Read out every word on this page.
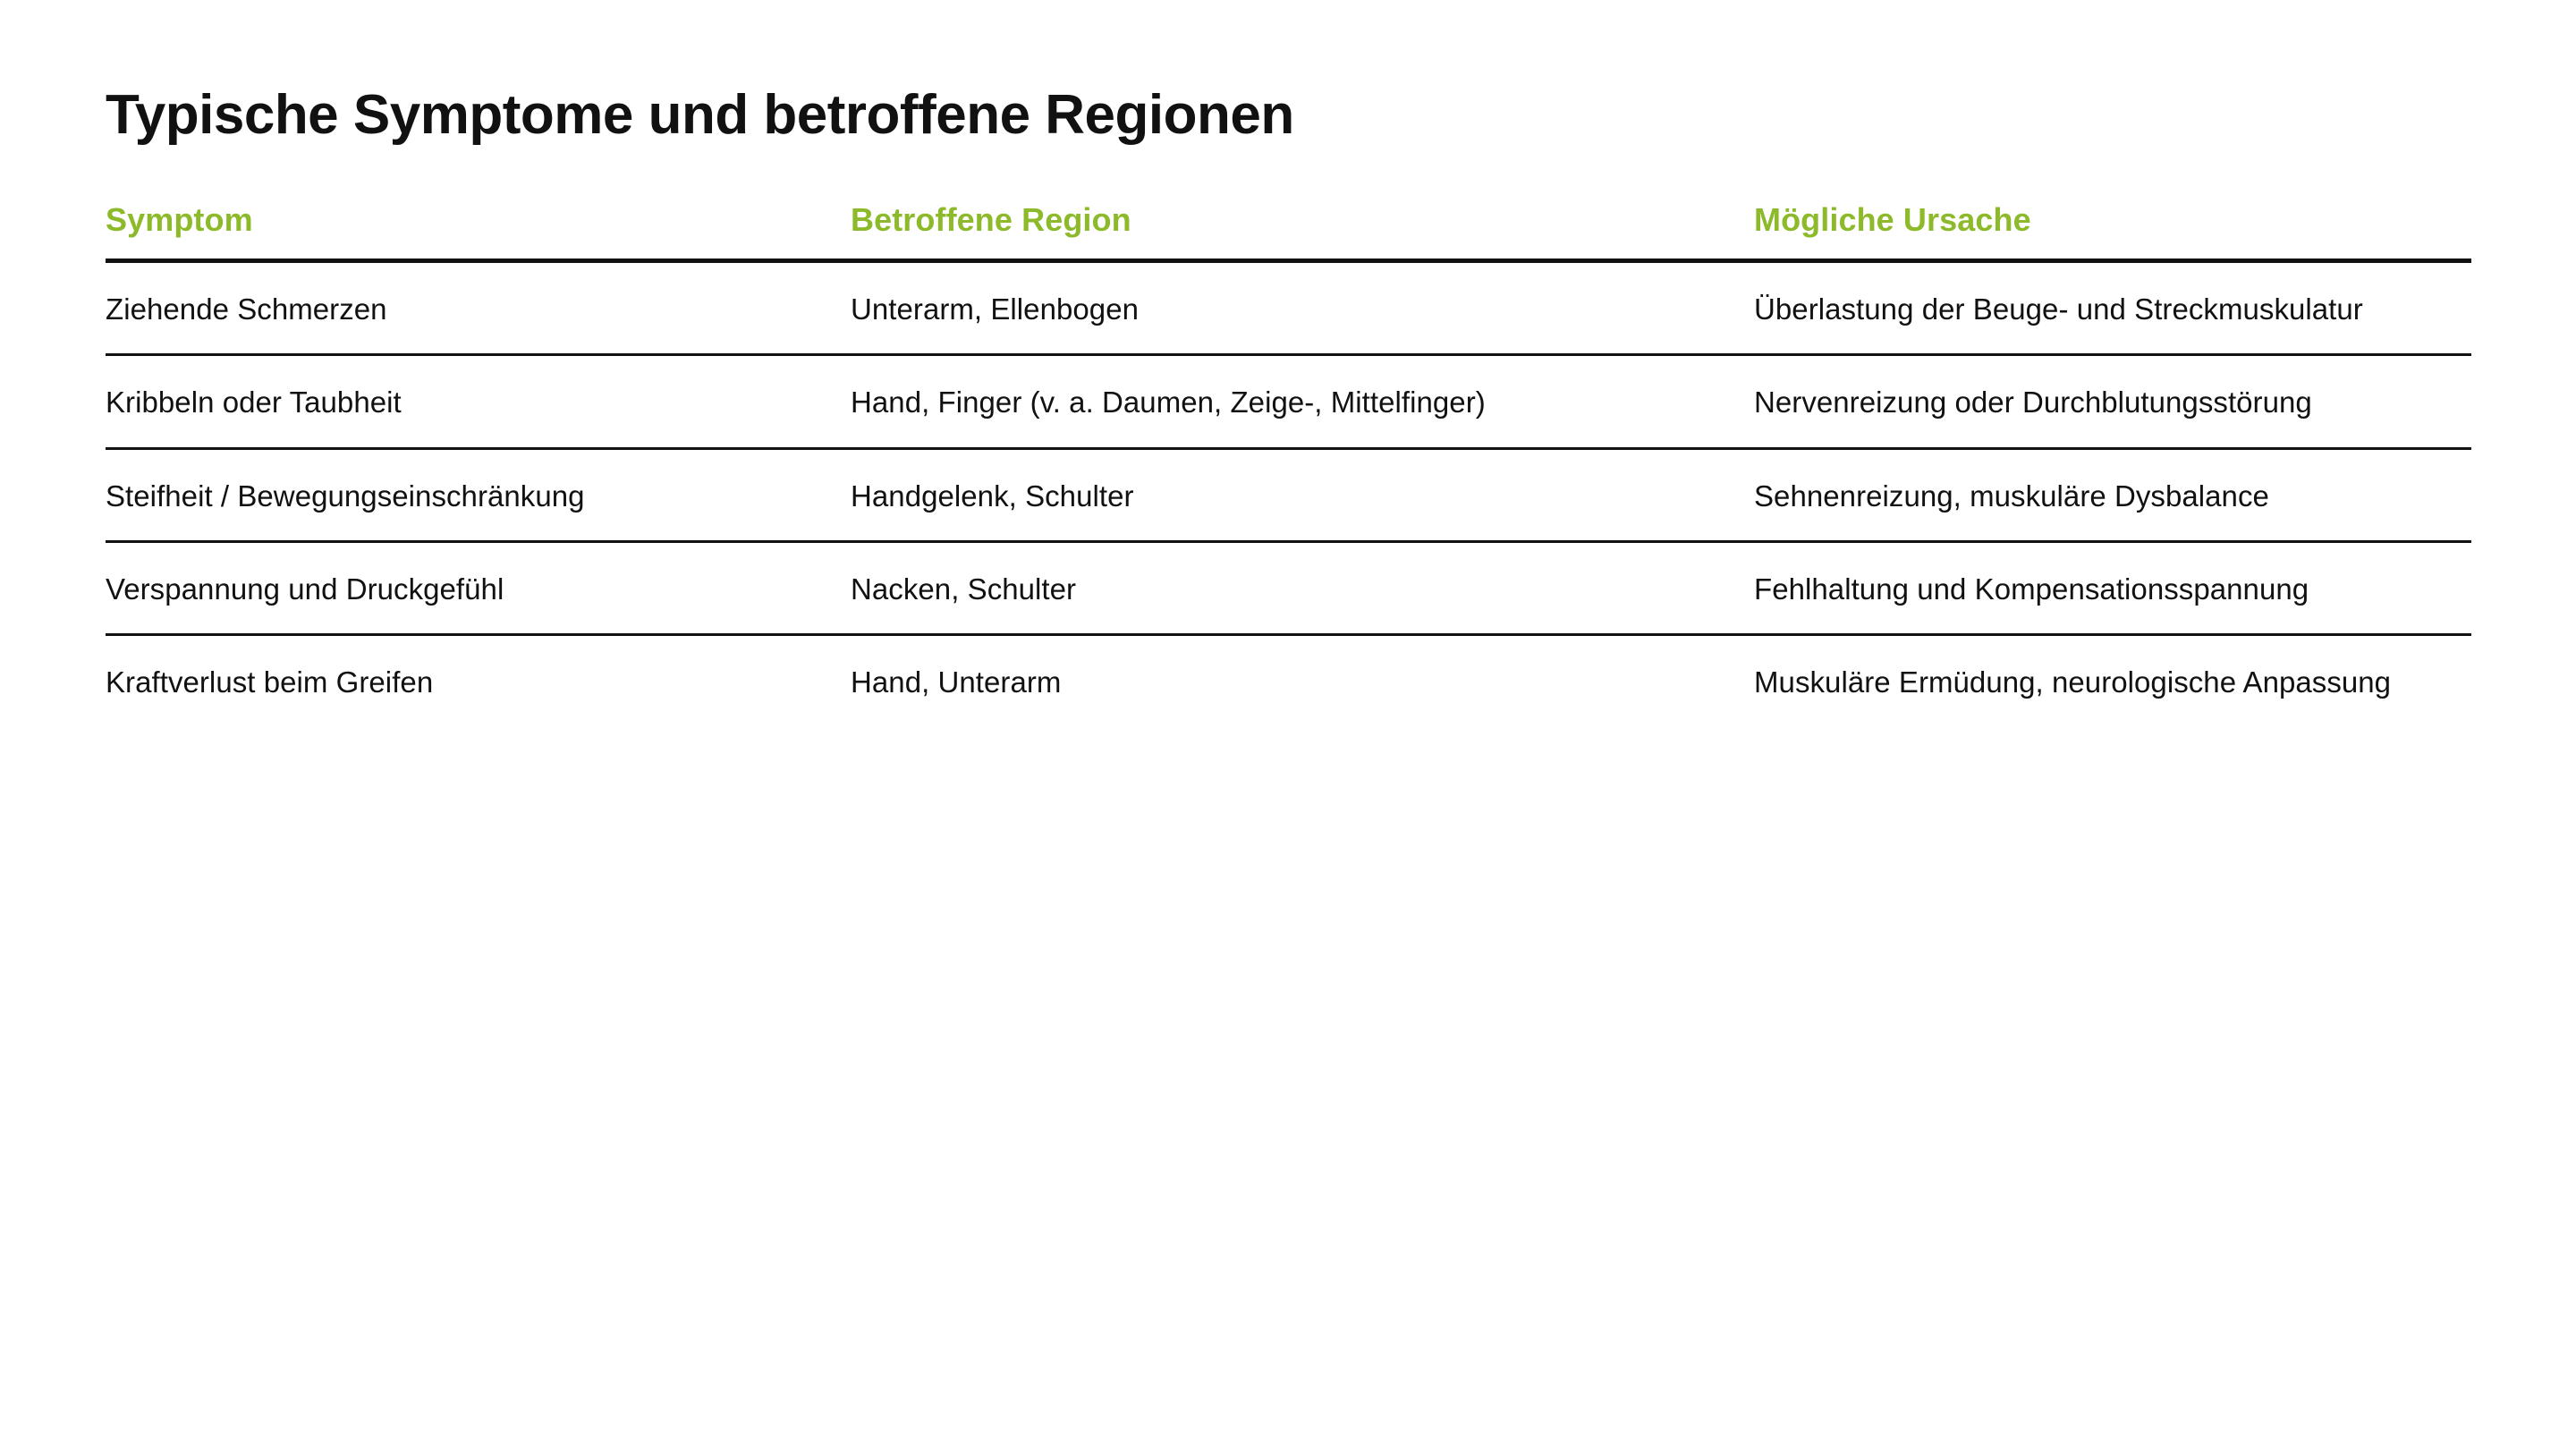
Typische Symptome und betroffene Regionen
Symptom	Betroffene Region	Mögliche Ursache
Ziehende Schmerzen	Unterarm, Ellenbogen	Überlastung der Beuge- und Streckmuskulatur
Kribbeln oder Taubheit	Hand, Finger (v. a. Daumen, Zeige-, Mittelfinger)	Nervenreizung oder Durchblutungsstörung
Steifheit / Bewegungseinschränkung	Handgelenk, Schulter	Sehnenreizung, muskuläre Dysbalance
Verspannung und Druckgefühl	Nacken, Schulter	Fehlhaltung und Kompensationsspannung
Kraftverlust beim Greifen	Hand, Unterarm	Muskuläre Ermüdung, neurologische Anpassung
